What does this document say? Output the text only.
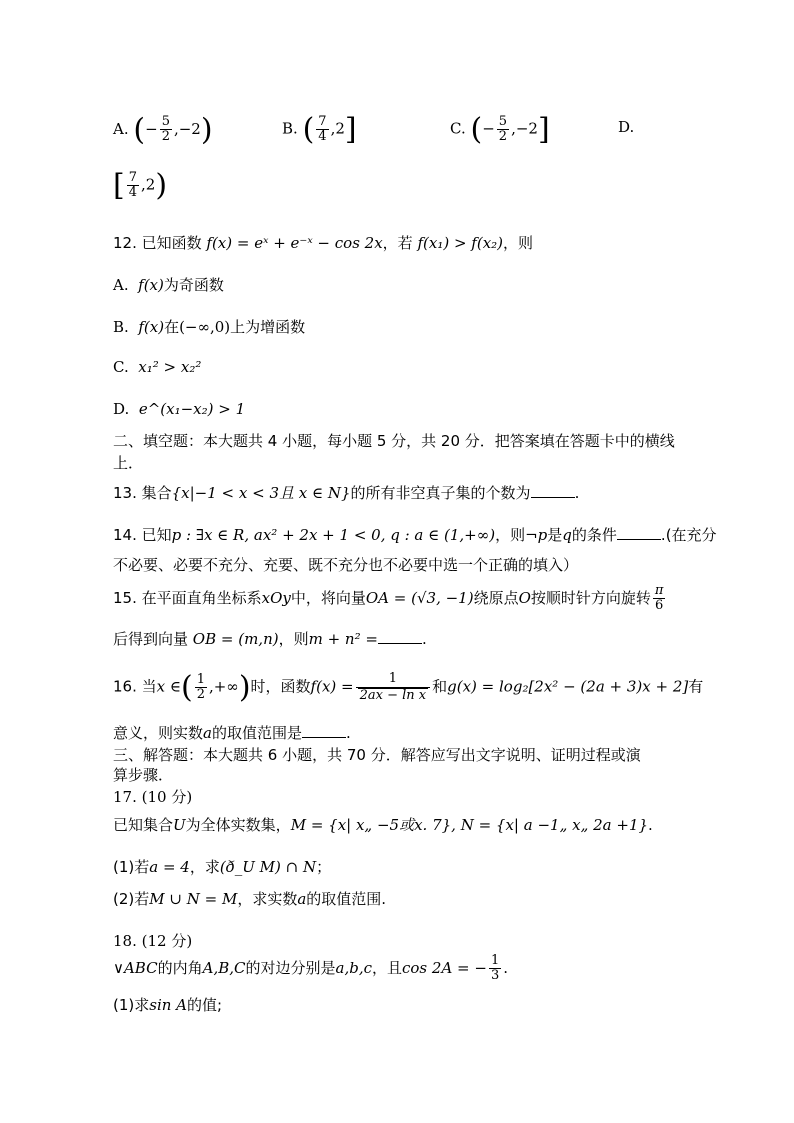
A. (− $\frac{5}{2} ,-2$)	B. ( $\frac{7}{4} ,2$]	C. (− $\frac{5}{2} ,-2$]	D.
[ $\frac{7}{4} ,2$)
12. 已知函数 f(x) = eˣ + e⁻ˣ − cos 2x，若 f(x₁) > f(x₂)，则
A. f(x)为奇函数
B. f(x)在(−∞,0)上为增函数
C. x₁² > x₂²
D. e^(x₁−x₂) > 1
二、填空题：本大题共 4 小题，每小题 5 分，共 20 分．把答案填在答题卡中的横线
上．
13. 集合{x|−1 < x < 3且 x ∈ N}的所有非空真子集的个数为	.
14. 已知p : ∃x ∈ R, ax² + 2x + 1 < 0, q : a ∈ (1,+∞)，则¬p是q的条件	.(在充分
不必要、必要不充分、充要、既不充分也不必要中选一个正确的填入）
15. 在平面直角坐标系xOy中，将向量OA = (√3, −1)绕原点O按顺时针方向旋转 $\frac{\pi}{6}$
后得到向量 OB = (m,n)，则m + n² =	.
16. 当x ∈( $\frac{1}{2}$ ,+∞)时，函数$f(x) = \frac{1}{\text{2ax − ln x}}$ 和g(x) = log₂[2x² − (2a + 3)x + 2]有
意义，则实数a的取值范围是	.
三、解答题：本大题共 6 小题，共 70 分．解答应写出文字说明、证明过程或演
算步骤．
17. (10 分)
已知集合U为全体实数集，M = {x| x„ −5或x. 7}, N = {x| a −1„ x„ 2a +1}.
(1)若a = 4，求(ð_U M) ∩ N；
(2)若M ∪ N = M，求实数a的取值范围.
18. (12 分)
∨ABC的内角A,B,C的对边分别是a,b,c，且cos 2A = − $\frac{1}{3}$ .
(1)求sin A的值;
